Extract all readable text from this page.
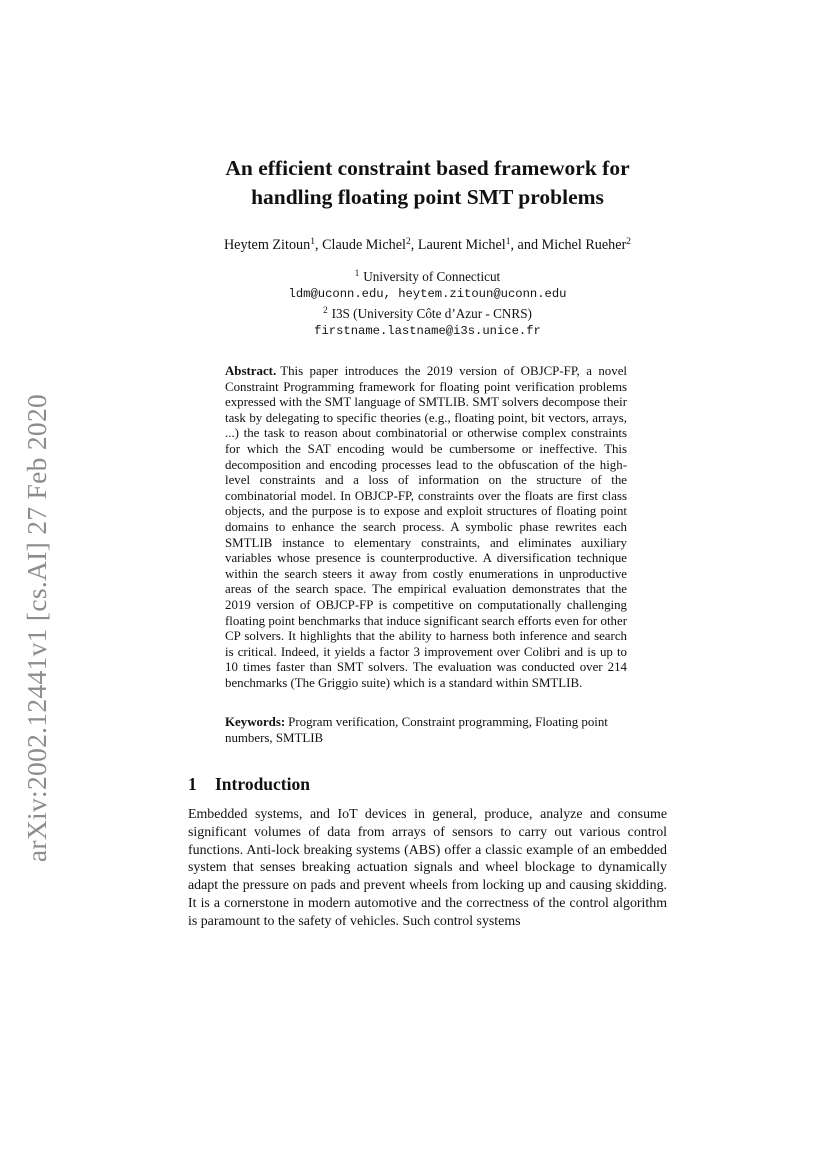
arXiv:2002.12441v1 [cs.AI] 27 Feb 2020
An efficient constraint based framework for
handling floating point SMT problems
Heytem Zitoun$^1$, Claude Michel$^2$, Laurent Michel$^1$, and Michel Rueher$^2$
$^1$ University of Connecticut
ldm@uconn.edu, heytem.zitoun@uconn.edu
$^2$ I3S (University Côte d’Azur - CNRS)
firstname.lastname@i3s.unice.fr

Abstract. This paper introduces the 2019 version of OBJCP-FP, a novel Constraint Programming framework for floating point verification problems expressed with the SMT language of SMTLIB. SMT solvers decompose their task by delegating to specific theories (e.g., floating point, bit vectors, arrays, ...) the task to reason about combinatorial or otherwise complex constraints for which the SAT encoding would be cumbersome or ineffective. This decomposition and encoding processes lead to the obfuscation of the high-level constraints and a loss of information on the structure of the combinatorial model. In OBJCP-FP, constraints over the floats are first class objects, and the purpose is to expose and exploit structures of floating point domains to enhance the search process. A symbolic phase rewrites each SMTLIB instance to elementary constraints, and eliminates auxiliary variables whose presence is counterproductive. A diversification technique within the search steers it away from costly enumerations in unproductive areas of the search space. The empirical evaluation demonstrates that the 2019 version of OBJCP-FP is competitive on computationally challenging floating point benchmarks that induce significant search efforts even for other CP solvers. It highlights that the ability to harness both inference and search is critical. Indeed, it yields a factor 3 improvement over Colibri and is up to 10 times faster than SMT solvers. The evaluation was conducted over 214 benchmarks (The Griggio suite) which is a standard within SMTLIB.

Keywords: Program verification, Constraint programming, Floating point numbers, SMTLIB

1 Introduction

Embedded systems, and IoT devices in general, produce, analyze and consume significant volumes of data from arrays of sensors to carry out various control functions. Anti-lock breaking systems (ABS) offer a classic example of an embedded system that senses breaking actuation signals and wheel blockage to dynamically adapt the pressure on pads and prevent wheels from locking up and causing skidding. It is a cornerstone in modern automotive and the correctness of the control algorithm is paramount to the safety of vehicles. Such control systems
